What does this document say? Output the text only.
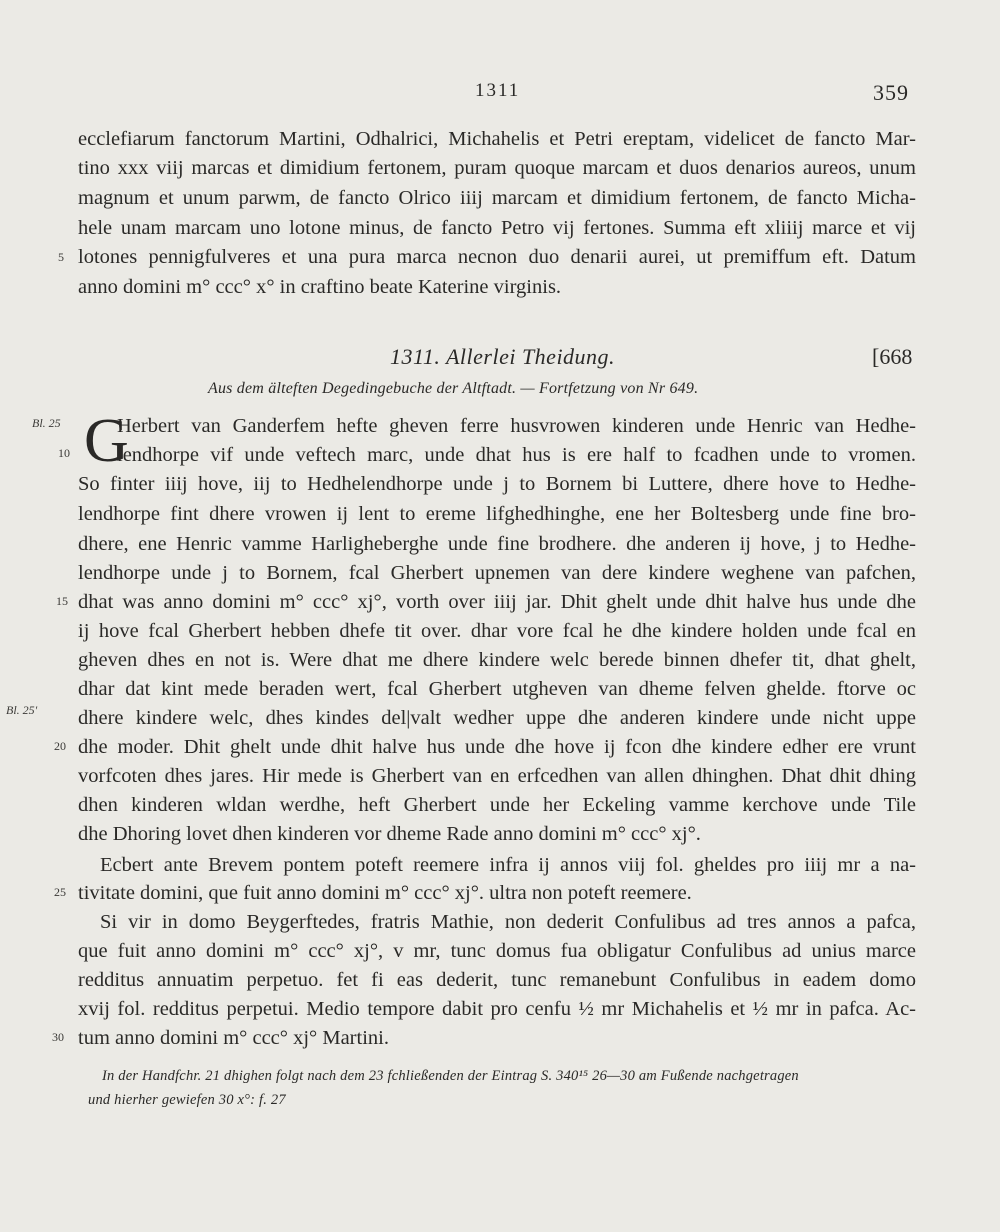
1311	359
ecclefiarum fanctorum Martini, Odhalrici, Michahelis et Petri ereptam, videlicet de fancto Mar-
tino xxx viij marcas et dimidium fertonem, puram quoque marcam et duos denarios aureos, unum
magnum et unum parwm, de fancto Olrico iiij marcam et dimidium fertonem, de fancto Micha-
hele unam marcam uno lotone minus, de fancto Petro vij fertones. Summa eft xliiij marce et vij
5 lotones pennigfulveres et una pura marca necnon duo denarii aurei, ut premiffum eft. Datum
anno domini m° ccc° x° in craftino beate Katerine virginis.
1311. Allerlei Theidung.	[668
Aus dem älteften Degedingebuche der Altftadt. — Fortfetzung von Nr 649.
Bl. 25
10 G
Herbert van Ganderfem hefte gheven ferre husvrowen kinderen unde Henric van Hedhe-
lendhorpe vif unde veftech marc, unde dhat hus is ere half to fcadhen unde to vromen.
So finter iiij hove, iij to Hedhelendhorpe unde j to Bornem bi Luttere, dhere hove to Hedhe-
lendhorpe fint dhere vrowen ij lent to ereme lifghedhinghe, ene her Boltesberg unde fine bro-
dhere, ene Henric vamme Harligheberghe unde fine brodhere. dhe anderen ij hove, j to Hedhe-
lendhorpe unde j to Bornem, fcal Gherbert upnemen van dere kindere weghene van pafchen,
15 dhat was anno domini m° ccc° xj°, vorth over iiij jar. Dhit ghelt unde dhit halve hus unde dhe
ij hove fcal Gherbert hebben dhefe tit over. dhar vore fcal he dhe kindere holden unde fcal en
gheven dhes en not is. Were dhat me dhere kindere welc berede binnen dhefer tit, dhat ghelt,
dhar dat kint mede beraden wert, fcal Gherbert utgheven van dheme felven ghelde. ftorve oc
Bl. 25' dhere kindere welc, dhes kindes del|valt wedher uppe dhe anderen kindere unde nicht uppe
20 dhe moder. Dhit ghelt unde dhit halve hus unde dhe hove ij fcon dhe kindere edher ere vrunt
vorfcoten dhes jares. Hir mede is Gherbert van en erfcedhen van allen dhinghen. Dhat dhit dhing
dhen kinderen wldan werdhe, heft Gherbert unde her Eckeling vamme kerchove unde Tile
dhe Dhoring lovet dhen kinderen vor dheme Rade anno domini m° ccc° xj°.
Ecbert ante Brevem pontem poteft reemere infra ij annos viij fol. gheldes pro iiij mr a na-
25 tivitate domini, que fuit anno domini m° ccc° xj°. ultra non poteft reemere.
Si vir in domo Beygerftedes, fratris Mathie, non dederit Confulibus ad tres annos a pafca,
que fuit anno domini m° ccc° xj°, v mr, tunc domus fua obligatur Confulibus ad unius marce
redditus annuatim perpetuo. fet fi eas dederit, tunc remanebunt Confulibus in eadem domo
xvij fol. redditus perpetui. Medio tempore dabit pro cenfu ½ mr Michahelis et ½ mr in pafca. Ac-
30 tum anno domini m° ccc° xj° Martini.
In der Handfchr. 21 dhighen folgt nach dem 23 fchließenden der Eintrag S. 340¹⁵ 26—30 am Fußende nachgetragen
und hierher gewiefen 30 x°: f. 27
